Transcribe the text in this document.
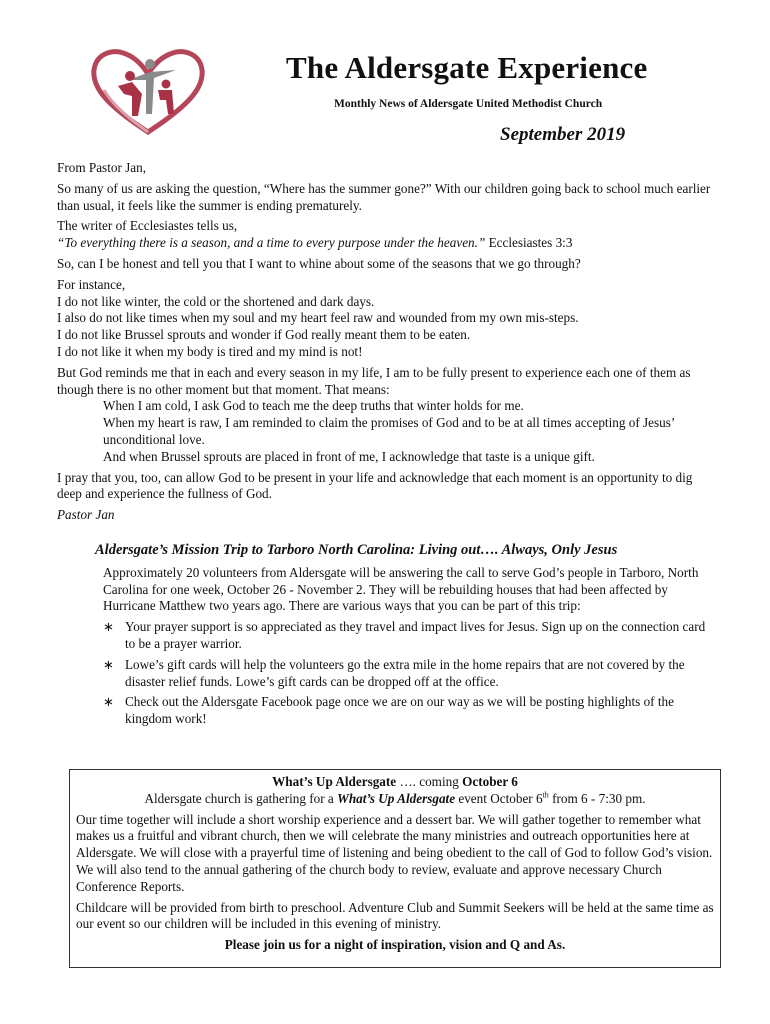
The Aldersgate Experience
Monthly News of Aldersgate United Methodist Church
September 2019

From Pastor Jan,

So many of us are asking the question, “Where has the summer gone?” With our children going back to school much earlier than usual, it feels like the summer is ending prematurely.

The writer of Ecclesiastes tells us,
“To everything there is a season, and a time to every purpose under the heaven.” Ecclesiastes 3:3

So, can I be honest and tell you that I want to whine about some of the seasons that we go through?

For instance,
I do not like winter, the cold or the shortened and dark days.
I also do not like times when my soul and my heart feel raw and wounded from my own mis-steps.
I do not like Brussel sprouts and wonder if God really meant them to be eaten.
I do not like it when my body is tired and my mind is not!

But God reminds me that in each and every season in my life, I am to be fully present to experience each one of them as though there is no other moment but that moment. That means:

When I am cold, I ask God to teach me the deep truths that winter holds for me.
When my heart is raw, I am reminded to claim the promises of God and to be at all times accepting of Jesus’ unconditional love.
And when Brussel sprouts are placed in front of me, I acknowledge that taste is a unique gift.

I pray that you, too, can allow God to be present in your life and acknowledge that each moment is an opportunity to dig deep and experience the fullness of God.

Pastor Jan

Aldersgate’s Mission Trip to Tarboro North Carolina: Living out…. Always, Only Jesus

Approximately 20 volunteers from Aldersgate will be answering the call to serve God’s people in Tarboro, North Carolina for one week, October 26 - November 2. They will be rebuilding houses that had been affected by Hurricane Matthew two years ago. There are various ways that you can be part of this trip:

∗ Your prayer support is so appreciated as they travel and impact lives for Jesus. Sign up on the connection card to be a prayer warrior.

∗ Lowe’s gift cards will help the volunteers go the extra mile in the home repairs that are not covered by the disaster relief funds. Lowe’s gift cards can be dropped off at the office.

∗ Check out the Aldersgate Facebook page once we are on our way as we will be posting highlights of the kingdom work!

What’s Up Aldersgate …. coming October 6

Aldersgate church is gathering for a What’s Up Aldersgate event October 6th from 6 - 7:30 pm.

Our time together will include a short worship experience and a dessert bar. We will gather together to remember what makes us a fruitful and vibrant church, then we will celebrate the many ministries and outreach opportunities here at Aldersgate. We will close with a prayerful time of listening and being obedient to the call of God to follow God’s vision. We will also tend to the annual gathering of the church body to review, evaluate and approve necessary Church Conference Reports.

Childcare will be provided from birth to preschool. Adventure Club and Summit Seekers will be held at the same time as our event so our children will be included in this evening of ministry.

Please join us for a night of inspiration, vision and Q and As.
